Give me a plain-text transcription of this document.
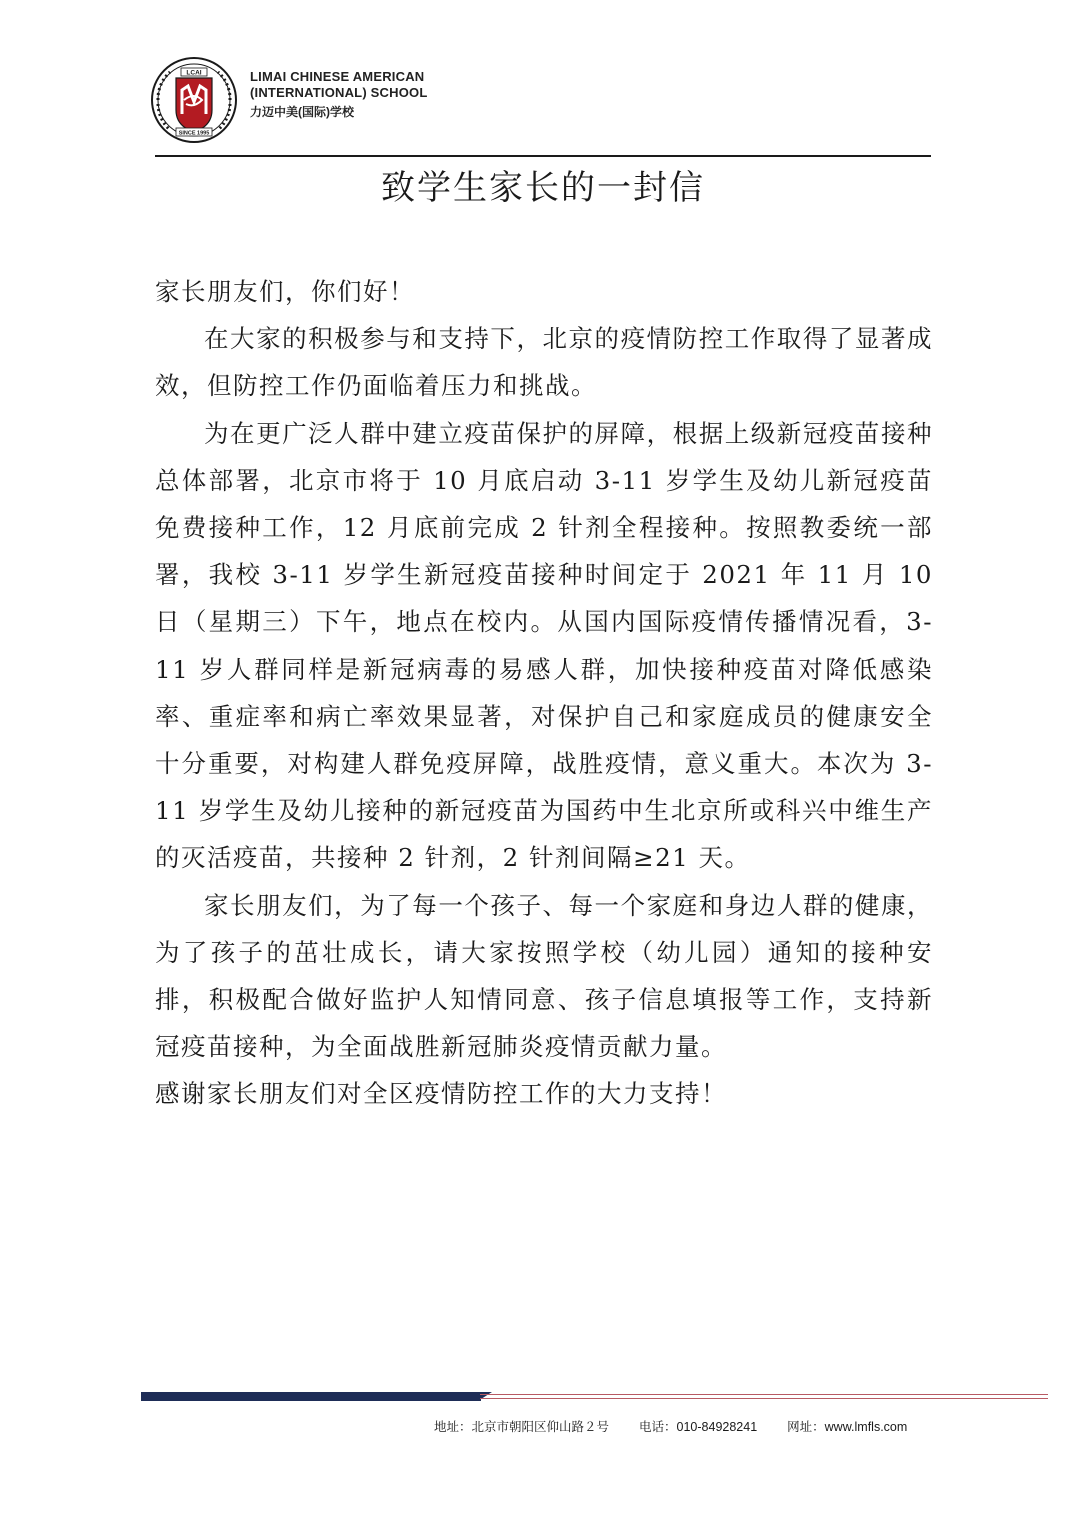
LCAI
SINCE 1995
LIMAI CHINESE AMERICAN
(INTERNATIONAL) SCHOOL
力迈中美(国际)学校
致学生家长的一封信

家长朋友们，你们好！

在大家的积极参与和支持下，北京的疫情防控工作取得了显著成效，但防控工作仍面临着压力和挑战。

为在更广泛人群中建立疫苗保护的屏障，根据上级新冠疫苗接种总体部署，北京市将于 10 月底启动 3-11 岁学生及幼儿新冠疫苗免费接种工作，12 月底前完成 2 针剂全程接种。按照教委统一部署，我校 3-11 岁学生新冠疫苗接种时间定于 2021 年 11 月 10 日（星期三）下午，地点在校内。从国内国际疫情传播情况看，3-11 岁人群同样是新冠病毒的易感人群，加快接种疫苗对降低感染率、重症率和病亡率效果显著，对保护自己和家庭成员的健康安全十分重要，对构建人群免疫屏障，战胜疫情，意义重大。本次为 3-11 岁学生及幼儿接种的新冠疫苗为国药中生北京所或科兴中维生产的灭活疫苗，共接种 2 针剂，2 针剂间隔≥21 天。

家长朋友们，为了每一个孩子、每一个家庭和身边人群的健康，为了孩子的茁壮成长，请大家按照学校（幼儿园）通知的接种安排，积极配合做好监护人知情同意、孩子信息填报等工作，支持新冠疫苗接种，为全面战胜新冠肺炎疫情贡献力量。

感谢家长朋友们对全区疫情防控工作的大力支持！

地址：北京市朝阳区仰山路２号 电话：010-84928241 网址：www.lmfls.com
